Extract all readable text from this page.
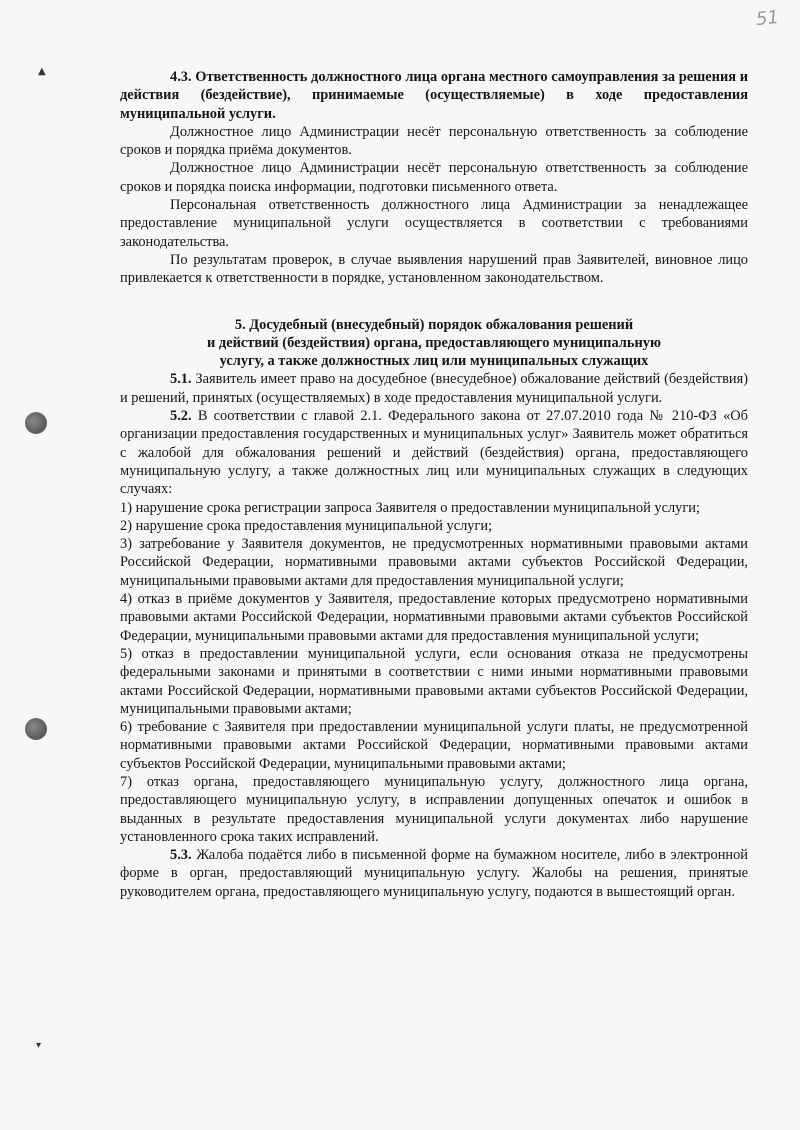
51
▲
▾

4.3. Ответственность должностного лица органа местного самоуправления за решения и действия (бездействие), принимаемые (осуществляемые) в ходе предоставления муниципальной услуги.

Должностное лицо Администрации несёт персональную ответственность за соблюдение сроков и порядка приёма документов.

Должностное лицо Администрации несёт персональную ответственность за соблюдение сроков и порядка поиска информации, подготовки письменного ответа.

Персональная ответственность должностного лица Администрации за ненадлежащее предоставление муниципальной услуги осуществляется в соответствии с требованиями законодательства.

По результатам проверок, в случае выявления нарушений прав Заявителей, виновное лицо привлекается к ответственности в порядке, установленном законодательством.

5. Досудебный (внесудебный) порядок обжалования решений
и действий (бездействия) органа, предоставляющего муниципальную
услугу, а также должностных лиц или муниципальных служащих

5.1. Заявитель имеет право на досудебное (внесудебное) обжалование действий (бездействия) и решений, принятых (осуществляемых) в ходе предоставления муниципальной услуги.

5.2. В соответствии с главой 2.1. Федерального закона от 27.07.2010 года № 210-ФЗ «Об организации предоставления государственных и муниципальных услуг» Заявитель может обратиться с жалобой для обжалования решений и действий (бездействия) органа, предоставляющего муниципальную услугу, а также должностных лиц или муниципальных служащих в следующих случаях:

1) нарушение срока регистрации запроса Заявителя о предоставлении муниципальной услуги;

2) нарушение срока предоставления муниципальной услуги;

3) затребование у Заявителя документов, не предусмотренных нормативными правовыми актами Российской Федерации, нормативными правовыми актами субъектов Российской Федерации, муниципальными правовыми актами для предоставления муниципальной услуги;

4) отказ в приёме документов у Заявителя, предоставление которых предусмотрено нормативными правовыми актами Российской Федерации, нормативными правовыми актами субъектов Российской Федерации, муниципальными правовыми актами для предоставления муниципальной услуги;

5) отказ в предоставлении муниципальной услуги, если основания отказа не предусмотрены федеральными законами и принятыми в соответствии с ними иными нормативными правовыми актами Российской Федерации, нормативными правовыми актами субъектов Российской Федерации, муниципальными правовыми актами;

6) требование с Заявителя при предоставлении муниципальной услуги платы, не предусмотренной нормативными правовыми актами Российской Федерации, нормативными правовыми актами субъектов Российской Федерации, муниципальными правовыми актами;

7) отказ органа, предоставляющего муниципальную услугу, должностного лица органа, предоставляющего муниципальную услугу, в исправлении допущенных опечаток и ошибок в выданных в результате предоставления муниципальной услуги документах либо нарушение установленного срока таких исправлений.

5.3. Жалоба подаётся либо в письменной форме на бумажном носителе, либо в электронной форме в орган, предоставляющий муниципальную услугу. Жалобы на решения, принятые руководителем органа, предоставляющего муниципальную услугу, подаются в вышестоящий орган.
